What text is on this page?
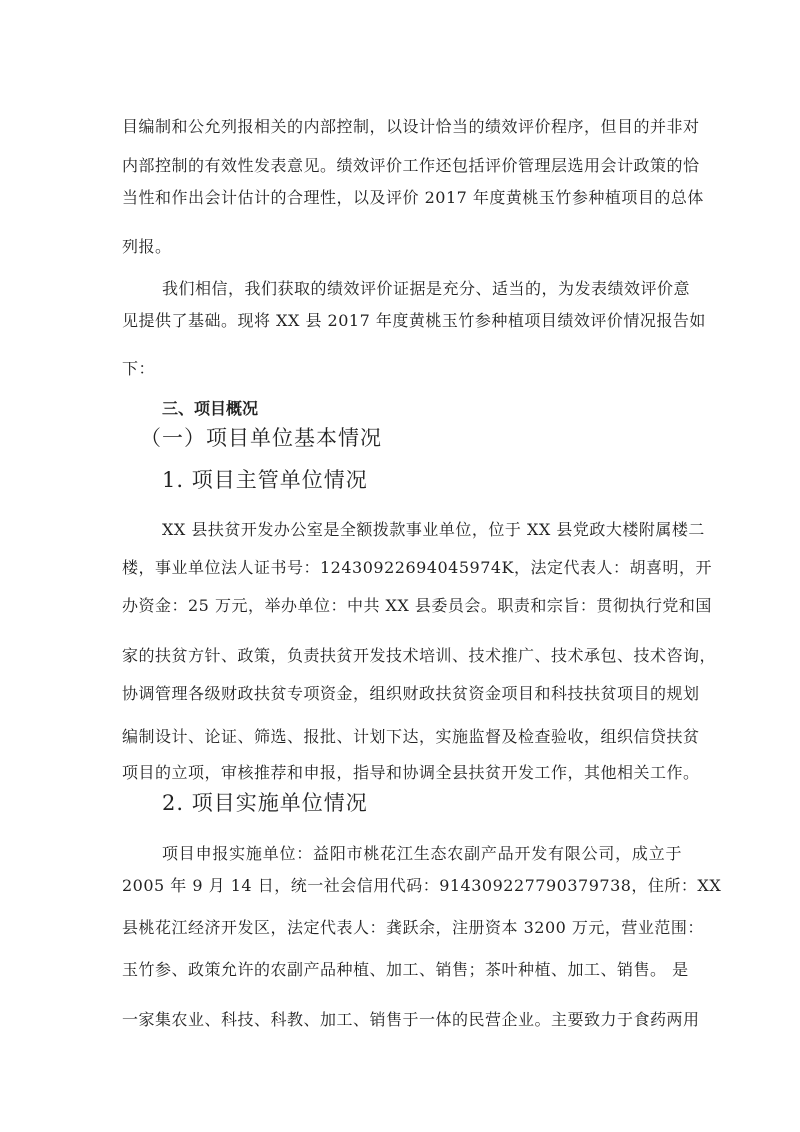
目编制和公允列报相关的内部控制，以设计恰当的绩效评价程序，但目的并非对
内部控制的有效性发表意见。绩效评价工作还包括评价管理层选用会计政策的恰
当性和作出会计估计的合理性，以及评价 2017 年度黄桃玉竹参种植项目的总体
列报。
我们相信，我们获取的绩效评价证据是充分、适当的，为发表绩效评价意
见提供了基础。现将 XX 县 2017 年度黄桃玉竹参种植项目绩效评价情况报告如
下：
三、项目概况
（一）项目单位基本情况
1. 项目主管单位情况
XX 县扶贫开发办公室是全额拨款事业单位，位于 XX 县党政大楼附属楼二
楼，事业单位法人证书号：12430922694045974K，法定代表人：胡喜明，开
办资金：25 万元，举办单位：中共 XX 县委员会。职责和宗旨：贯彻执行党和国
家的扶贫方针、政策，负责扶贫开发技术培训、技术推广、技术承包、技术咨询，
协调管理各级财政扶贫专项资金，组织财政扶贫资金项目和科技扶贫项目的规划
编制设计、论证、筛选、报批、计划下达，实施监督及检查验收，组织信贷扶贫
项目的立项，审核推荐和申报，指导和协调全县扶贫开发工作，其他相关工作。
2. 项目实施单位情况
项目申报实施单位：益阳市桃花江生态农副产品开发有限公司，成立于
2005 年 9 月 14 日，统一社会信用代码：914309227790379738，住所：XX
县桃花江经济开发区，法定代表人：龚跃余，注册资本 3200 万元，营业范围：
玉竹参、政策允许的农副产品种植、加工、销售；茶叶种植、加工、销售。 是
一家集农业、科技、科教、加工、销售于一体的民营企业。主要致力于食药两用
